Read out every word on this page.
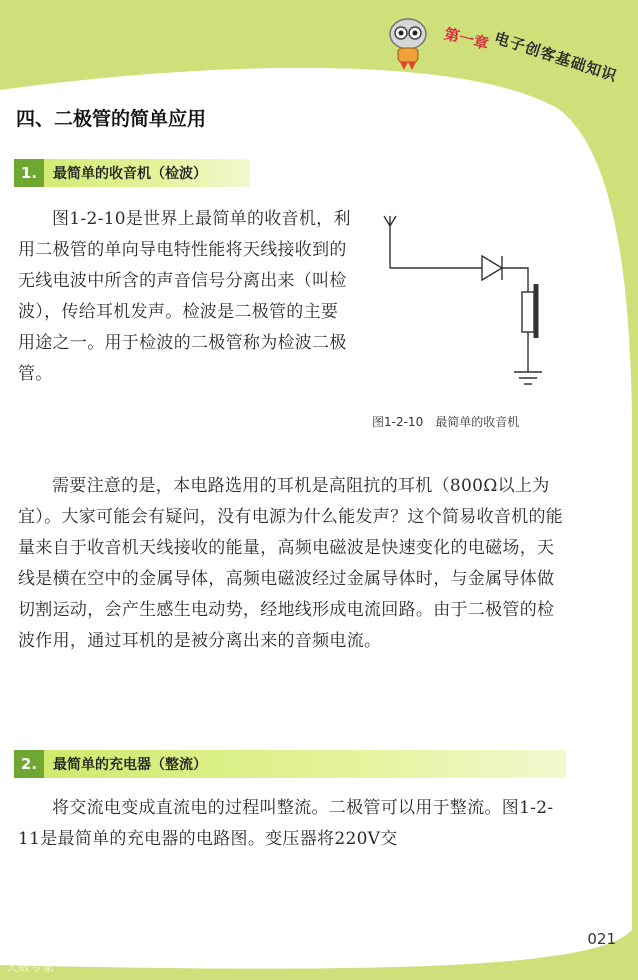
第一章 电子创客基础知识
四、二极管的简单应用
1.	最简单的收音机（检波）

图1-2-10是世界上最简单的收音机，利用二极管的单向导电特性能将天线接收到的无线电波中所含的声音信号分离出来（叫检波），传给耳机发声。检波是二极管的主要用途之一。用于检波的二极管称为检波二极管。

图1-2-10　最简单的收音机

需要注意的是，本电路选用的耳机是高阻抗的耳机（800Ω以上为宜）。大家可能会有疑问，没有电源为什么能发声？这个简易收音机的能量来自于收音机天线接收的能量，高频电磁波是快速变化的电磁场，天线是横在空中的金属导体，高频电磁波经过金属导体时，与金属导体做切割运动，会产生感生电动势，经地线形成电流回路。由于二极管的检波作用，通过耳机的是被分离出来的音频电流。

2.	最简单的充电器（整流）

将交流电变成直流电的过程叫整流。二极管可以用于整流。图1-2-11是最简单的充电器的电路图。变压器将220V交

021
大数专家
